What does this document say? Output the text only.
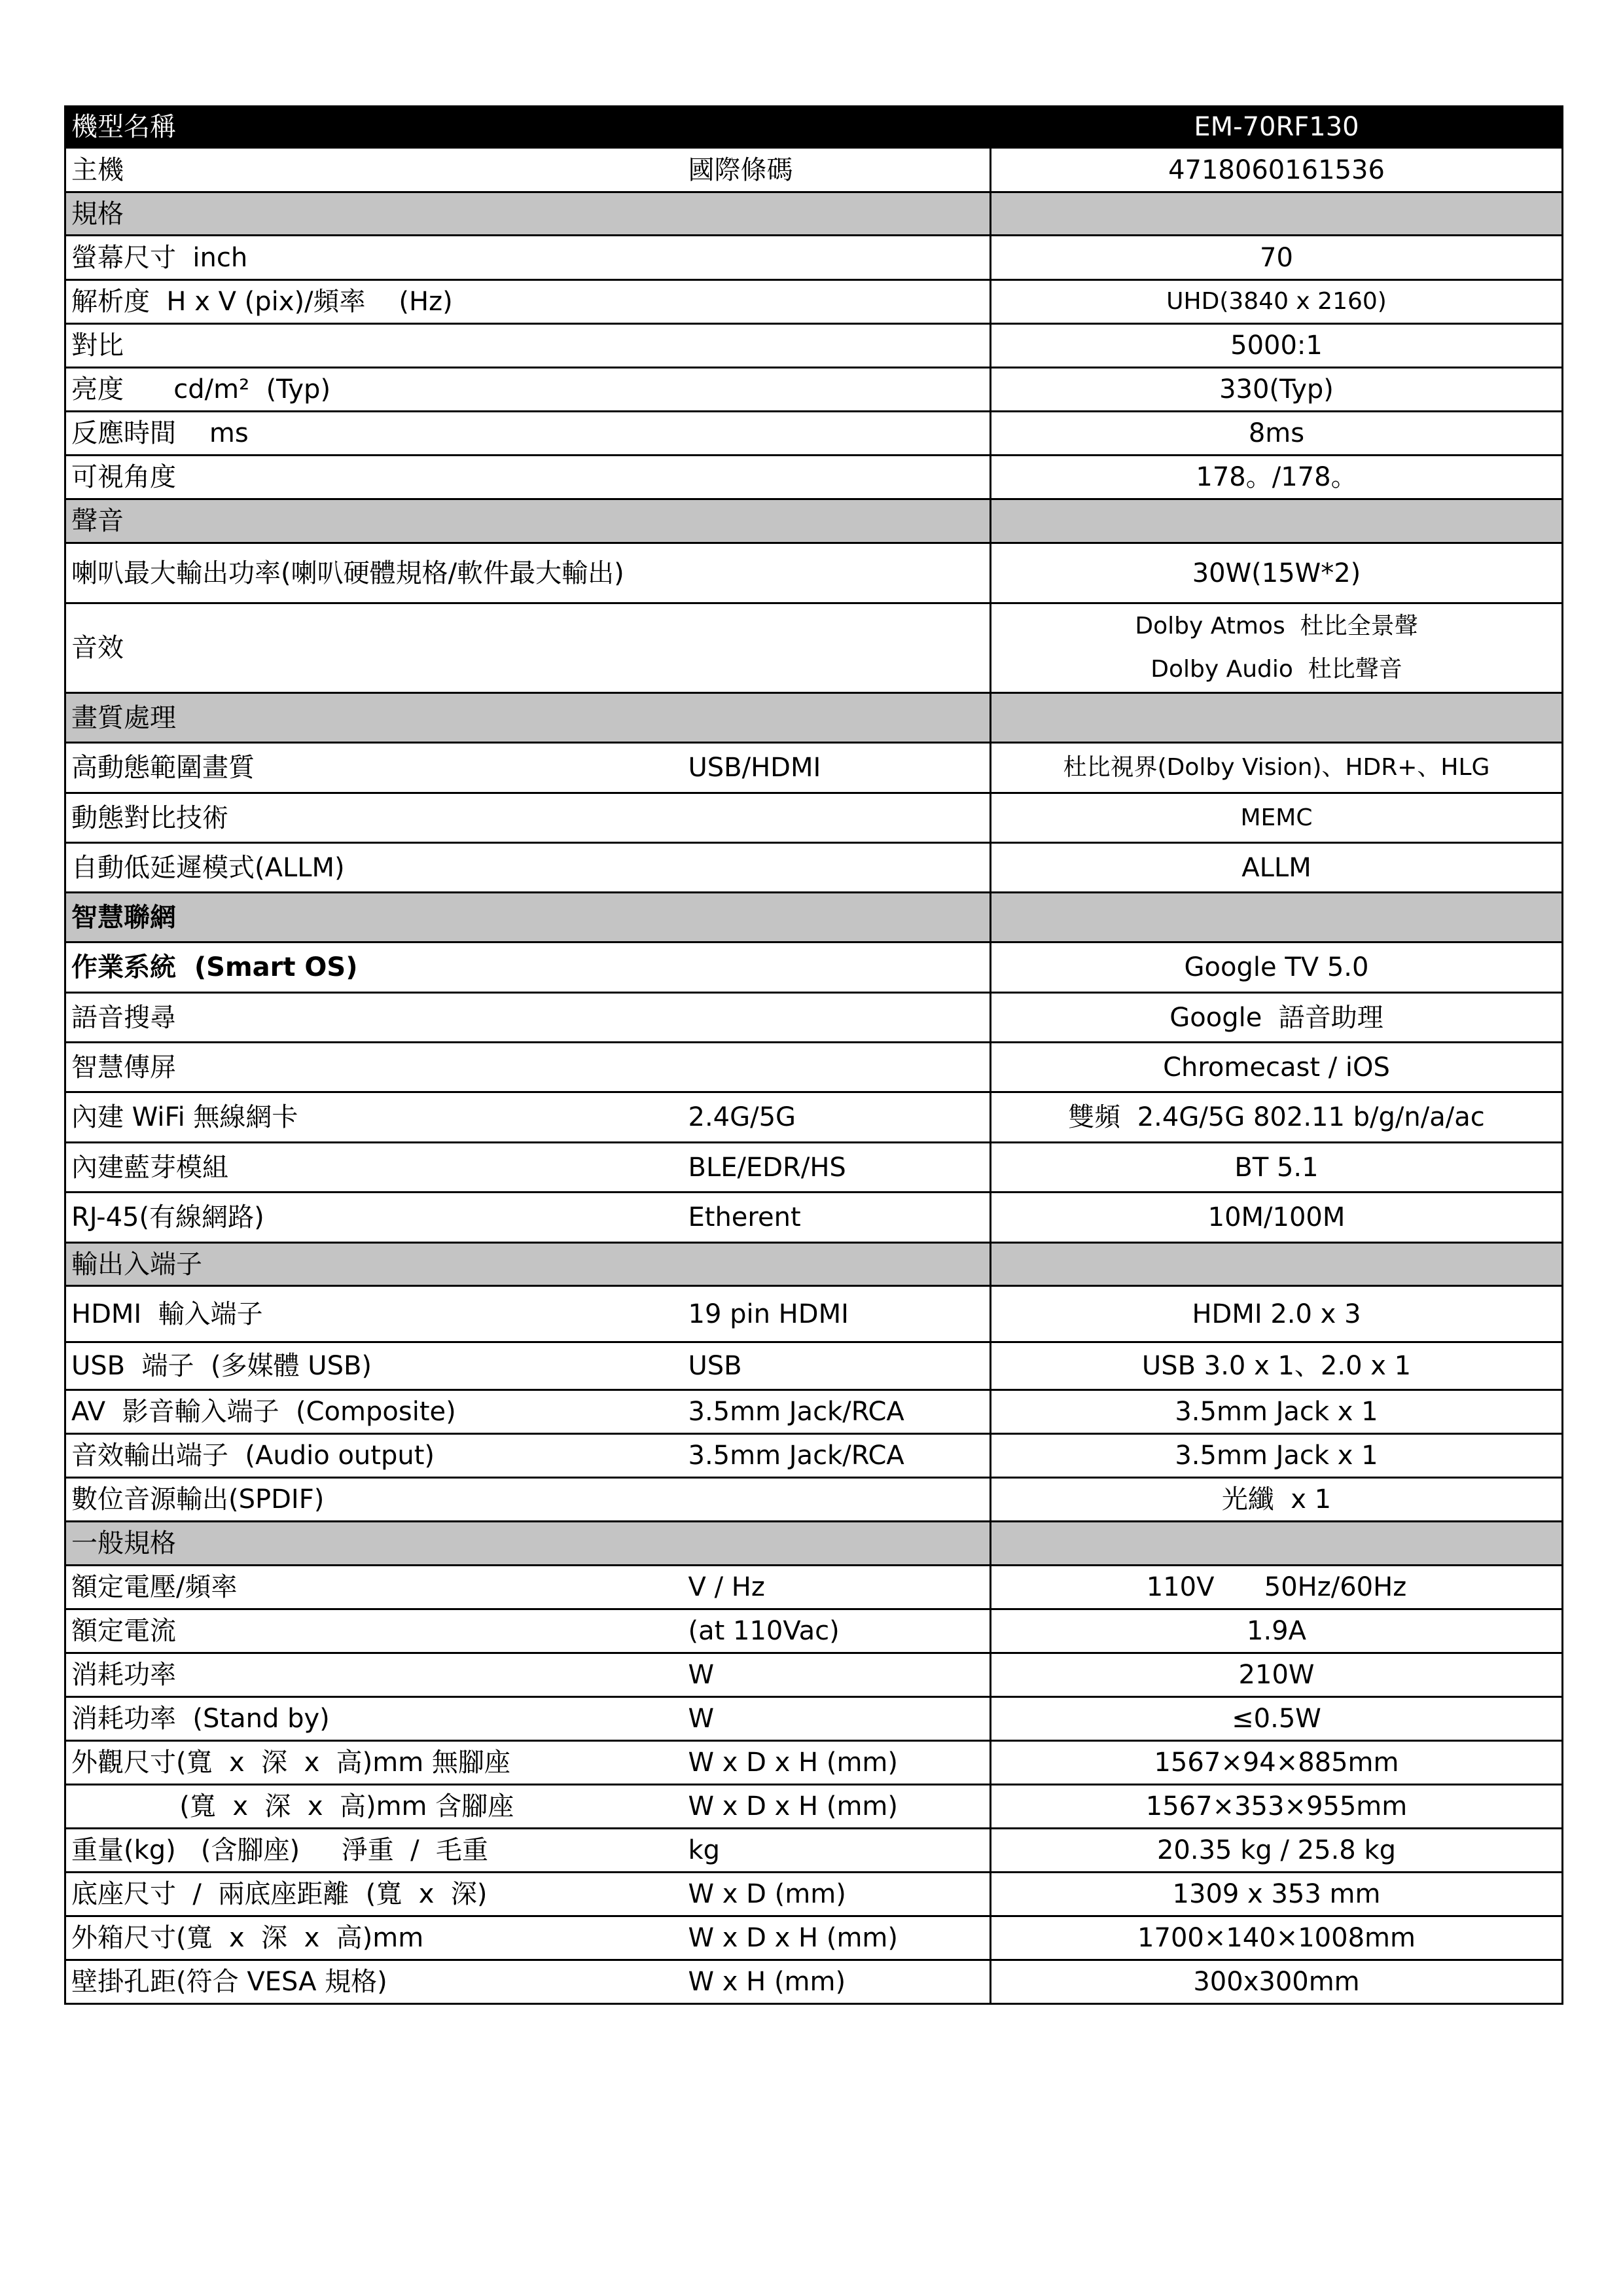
機型名稱		EM-70RF130
主機	國際條碼	4718060161536
規格		
螢幕尺寸  inch		70
解析度  H x V (pix)/頻率    (Hz)		UHD(3840 x 2160)
對比		5000:1
亮度      cd/m²  (Typ)		330(Typ)
反應時間    ms		8ms
可視角度		178。/178。
聲音		
喇叭最大輸出功率(喇叭硬體規格/軟件最大輸出)		30W(15W*2)
音效		Dolby Atmos  杜比全景聲
Dolby Audio  杜比聲音

畫質處理		
高動態範圍畫質	USB/HDMI	杜比視界(Dolby Vision)、HDR+、HLG
動態對比技術		MEMC
自動低延遲模式(ALLM)		ALLM
智慧聯網		
作業系統  (Smart OS)		Google TV 5.0
語音搜尋		Google  語音助理
智慧傳屏		Chromecast / iOS
內建 WiFi 無線網卡	2.4G/5G	雙頻  2.4G/5G 802.11 b/g/n/a/ac
內建藍芽模組	BLE/EDR/HS	BT 5.1
RJ-45(有線網路)	Etherent	10M/100M
輸出入端子		
HDMI  輸入端子	19 pin HDMI	HDMI 2.0 x 3
USB  端子  (多媒體 USB)	USB	USB 3.0 x 1、2.0 x 1
AV  影音輸入端子  (Composite)	3.5mm Jack/RCA	3.5mm Jack x 1
音效輸出端子  (Audio output)	3.5mm Jack/RCA	3.5mm Jack x 1
數位音源輸出(SPDIF)		光纖  x 1
一般規格		
額定電壓/頻率	V / Hz	110V      50Hz/60Hz
額定電流	(at 110Vac)	1.9A
消耗功率	W	210W
消耗功率  (Stand by)	W	≤0.5W
外觀尺寸(寬  x  深  x  高)mm 無腳座	W x D x H (mm)	1567×94×885mm
(寬  x  深  x  高)mm 含腳座	W x D x H (mm)	1567×353×955mm
重量(kg)   (含腳座)     淨重  /  毛重	kg	20.35 kg / 25.8 kg
底座尺寸  /  兩底座距離  (寬  x  深)	W x D (mm)	1309 x 353 mm
外箱尺寸(寬  x  深  x  高)mm	W x D x H (mm)	1700×140×1008mm
壁掛孔距(符合 VESA 規格)	W x H (mm)	300x300mm
